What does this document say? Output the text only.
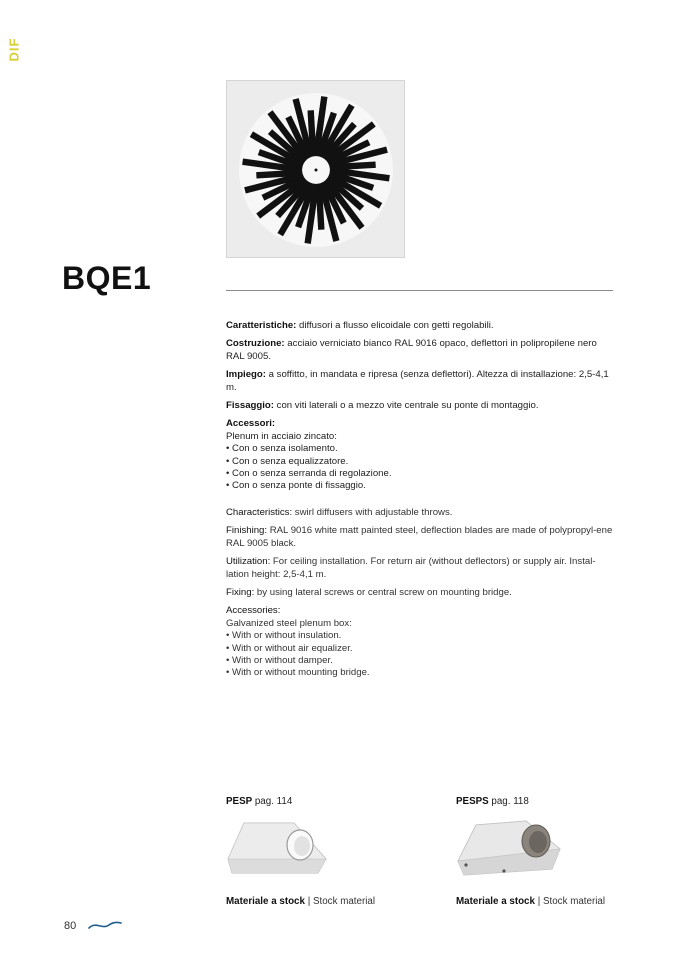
DIF
BQE1

Caratteristiche: diffusori a flusso elicoidale con getti regolabili.

Costruzione: acciaio verniciato bianco RAL 9016 opaco, deflettori in polipropilene nero RAL 9005.

Impiego: a soffitto, in mandata e ripresa (senza deflettori). Altezza di installazione: 2,5-4,1 m.

Fissaggio: con viti laterali o a mezzo vite centrale su ponte di montaggio.

Accessori:
Plenum in acciaio zincato:
• Con o senza isolamento.
• Con o senza equalizzatore.
• Con o senza serranda di regolazione.
• Con o senza ponte di fissaggio.

Characteristics: swirl diffusers with adjustable throws.

Finishing: RAL 9016 white matt painted steel, deflection blades are made of polypropyl-ene RAL 9005 black.

Utilization: For ceiling installation. For return air (without deflectors) or supply air. Instal-lation height: 2,5-4,1 m.

Fixing: by using lateral screws or central screw on mounting bridge.

Accessories:
Galvanized steel plenum box:
• With or without insulation.
• With or without air equalizer.
• With or without damper.
• With or without mounting bridge.
PESP pag. 114
Materiale a stock | Stock material
PESPS pag. 118
Materiale a stock | Stock material
80
